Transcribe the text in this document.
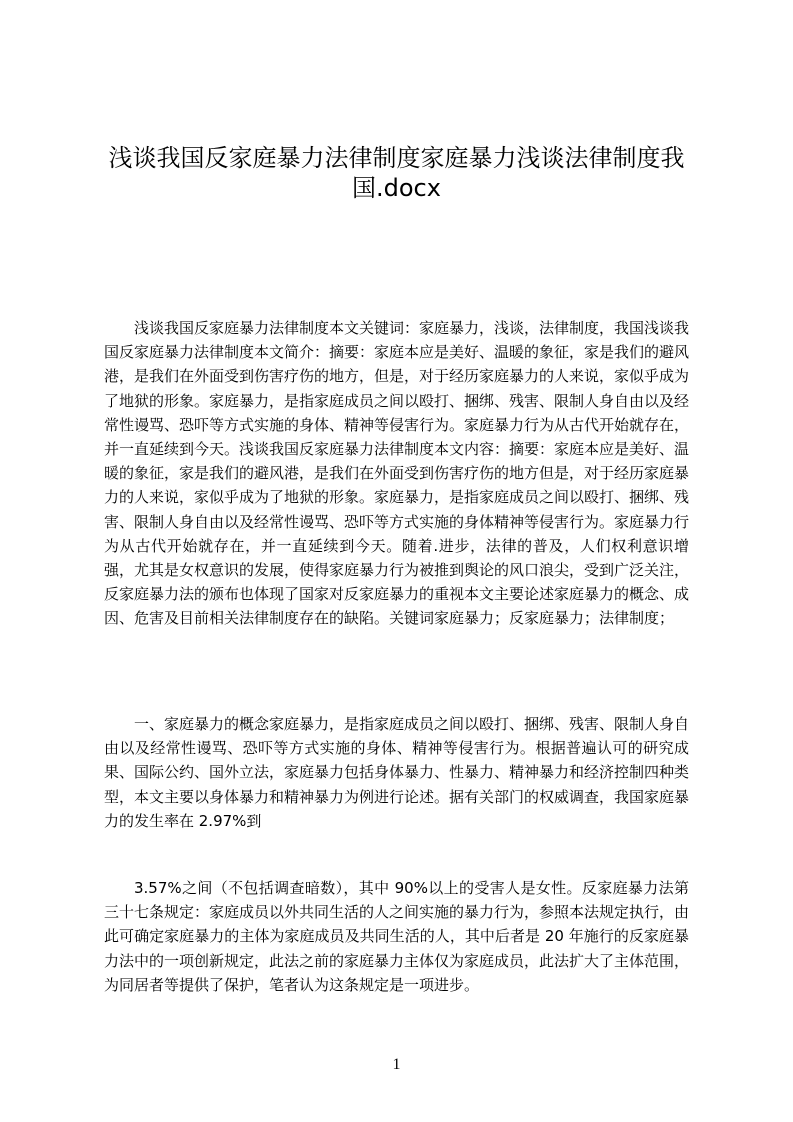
浅谈我国反家庭暴力法律制度家庭暴力浅谈法律制度我国.docx

浅谈我国反家庭暴力法律制度本文关键词：家庭暴力，浅谈，法律制度，我国浅谈我国反家庭暴力法律制度本文简介：摘要：家庭本应是美好、温暖的象征，家是我们的避风港，是我们在外面受到伤害疗伤的地方，但是，对于经历家庭暴力的人来说，家似乎成为了地狱的形象。家庭暴力，是指家庭成员之间以殴打、捆绑、残害、限制人身自由以及经常性谩骂、恐吓等方式实施的身体、精神等侵害行为。家庭暴力行为从古代开始就存在，并一直延续到今天。浅谈我国反家庭暴力法律制度本文内容：摘要：家庭本应是美好、温暖的象征，家是我们的避风港，是我们在外面受到伤害疗伤的地方但是，对于经历家庭暴力的人来说，家似乎成为了地狱的形象。家庭暴力，是指家庭成员之间以殴打、捆绑、残害、限制人身自由以及经常性谩骂、恐吓等方式实施的身体精神等侵害行为。家庭暴力行为从古代开始就存在，并一直延续到今天。随着.进步，法律的普及，人们权利意识增强，尤其是女权意识的发展，使得家庭暴力行为被推到舆论的风口浪尖，受到广泛关注，反家庭暴力法的颁布也体现了国家对反家庭暴力的重视本文主要论述家庭暴力的概念、成因、危害及目前相关法律制度存在的缺陷。关键词家庭暴力；反家庭暴力；法律制度；

一、家庭暴力的概念家庭暴力，是指家庭成员之间以殴打、捆绑、残害、限制人身自由以及经常性谩骂、恐吓等方式实施的身体、精神等侵害行为。根据普遍认可的研究成果、国际公约、国外立法，家庭暴力包括身体暴力、性暴力、精神暴力和经济控制四种类型，本文主要以身体暴力和精神暴力为例进行论述。据有关部门的权威调查，我国家庭暴力的发生率在 2.97%到

3.57%之间（不包括调查暗数），其中 90%以上的受害人是女性。反家庭暴力法第三十七条规定：家庭成员以外共同生活的人之间实施的暴力行为，参照本法规定执行，由此可确定家庭暴力的主体为家庭成员及共同生活的人，其中后者是 20 年施行的反家庭暴力法中的一项创新规定，此法之前的家庭暴力主体仅为家庭成员，此法扩大了主体范围，为同居者等提供了保护，笔者认为这条规定是一项进步。

1
